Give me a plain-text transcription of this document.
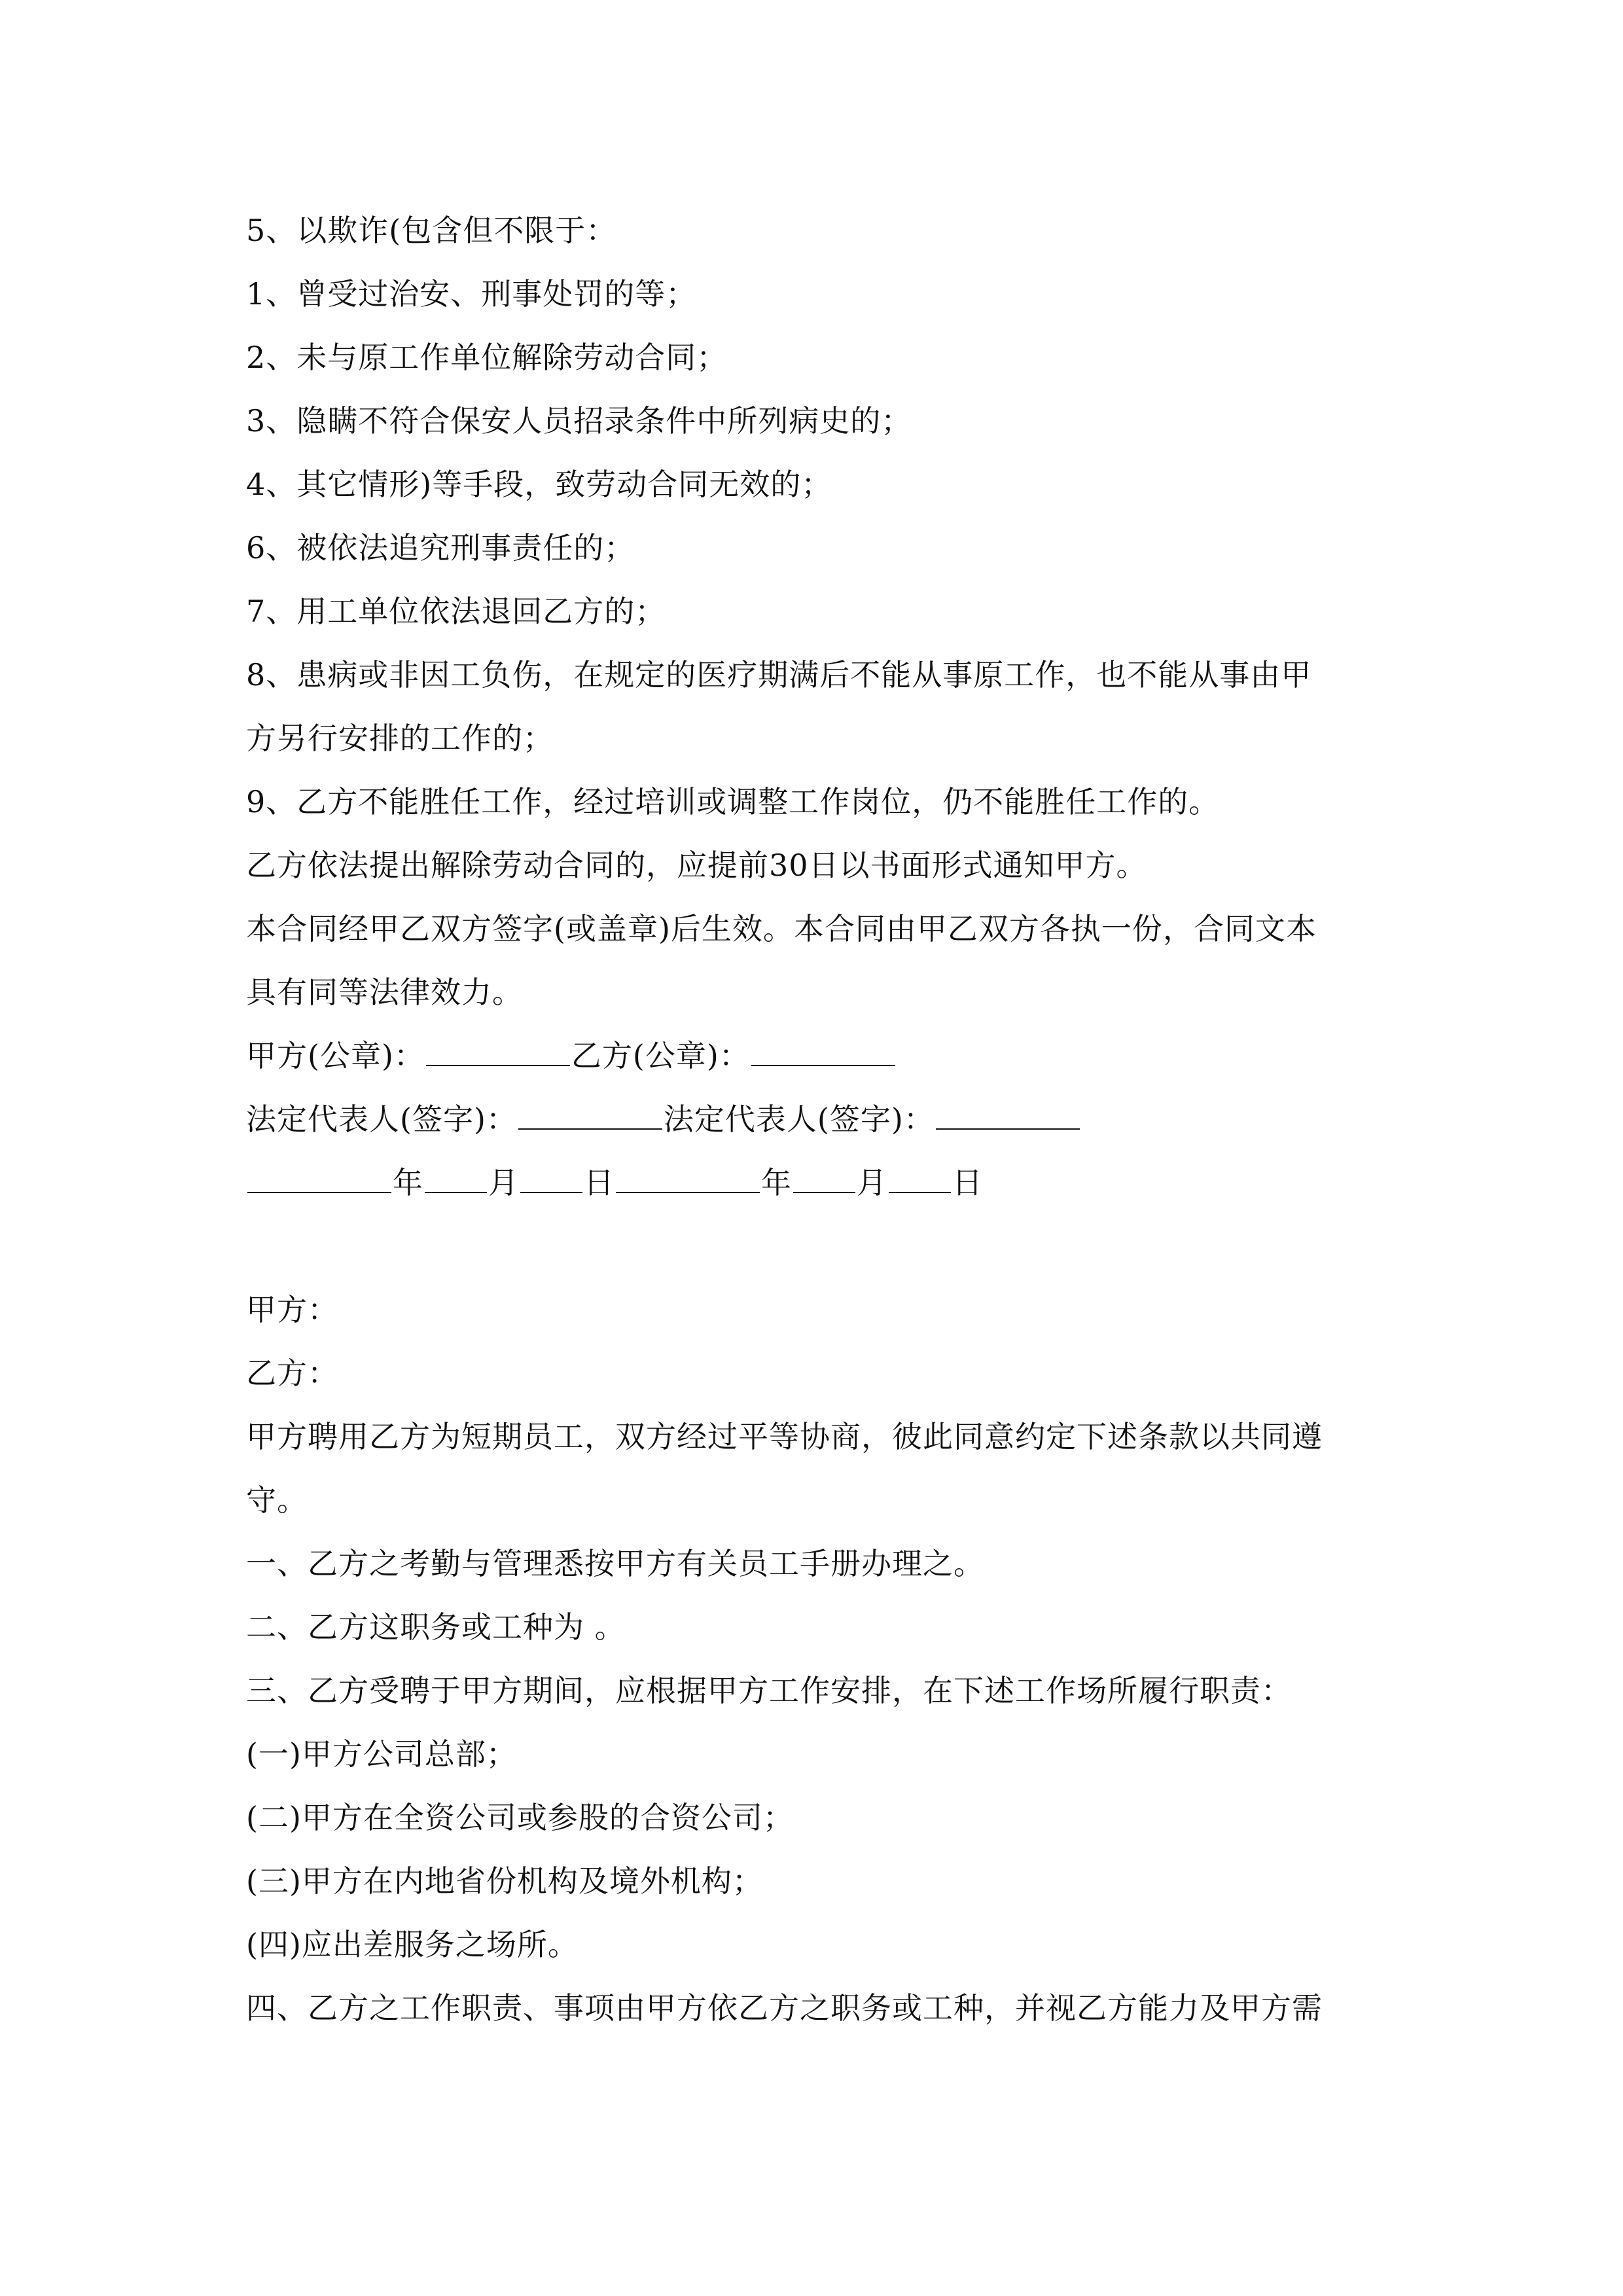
5、以欺诈(包含但不限于：
1、曾受过治安、刑事处罚的等；
2、未与原工作单位解除劳动合同；
3、隐瞒不符合保安人员招录条件中所列病史的；
4、其它情形)等手段，致劳动合同无效的；
6、被依法追究刑事责任的；
7、用工单位依法退回乙方的；
8、患病或非因工负伤，在规定的医疗期满后不能从事原工作，也不能从事由甲
方另行安排的工作的；
9、乙方不能胜任工作，经过培训或调整工作岗位，仍不能胜任工作的。
乙方依法提出解除劳动合同的，应提前30日以书面形式通知甲方。
本合同经甲乙双方签字(或盖章)后生效。本合同由甲乙双方各执一份，合同文本
具有同等法律效力。
甲方(公章)：	乙方(公章)：
法定代表人(签字)：	法定代表人(签字)：
年 月 日	年 月 日
甲方：
乙方：
甲方聘用乙方为短期员工，双方经过平等协商，彼此同意约定下述条款以共同遵
守。
一、乙方之考勤与管理悉按甲方有关员工手册办理之。
二、乙方这职务或工种为 。
三、乙方受聘于甲方期间，应根据甲方工作安排，在下述工作场所履行职责：
(一)甲方公司总部；
(二)甲方在全资公司或参股的合资公司；
(三)甲方在内地省份机构及境外机构；
(四)应出差服务之场所。
四、乙方之工作职责、事项由甲方依乙方之职务或工种，并视乙方能力及甲方需
